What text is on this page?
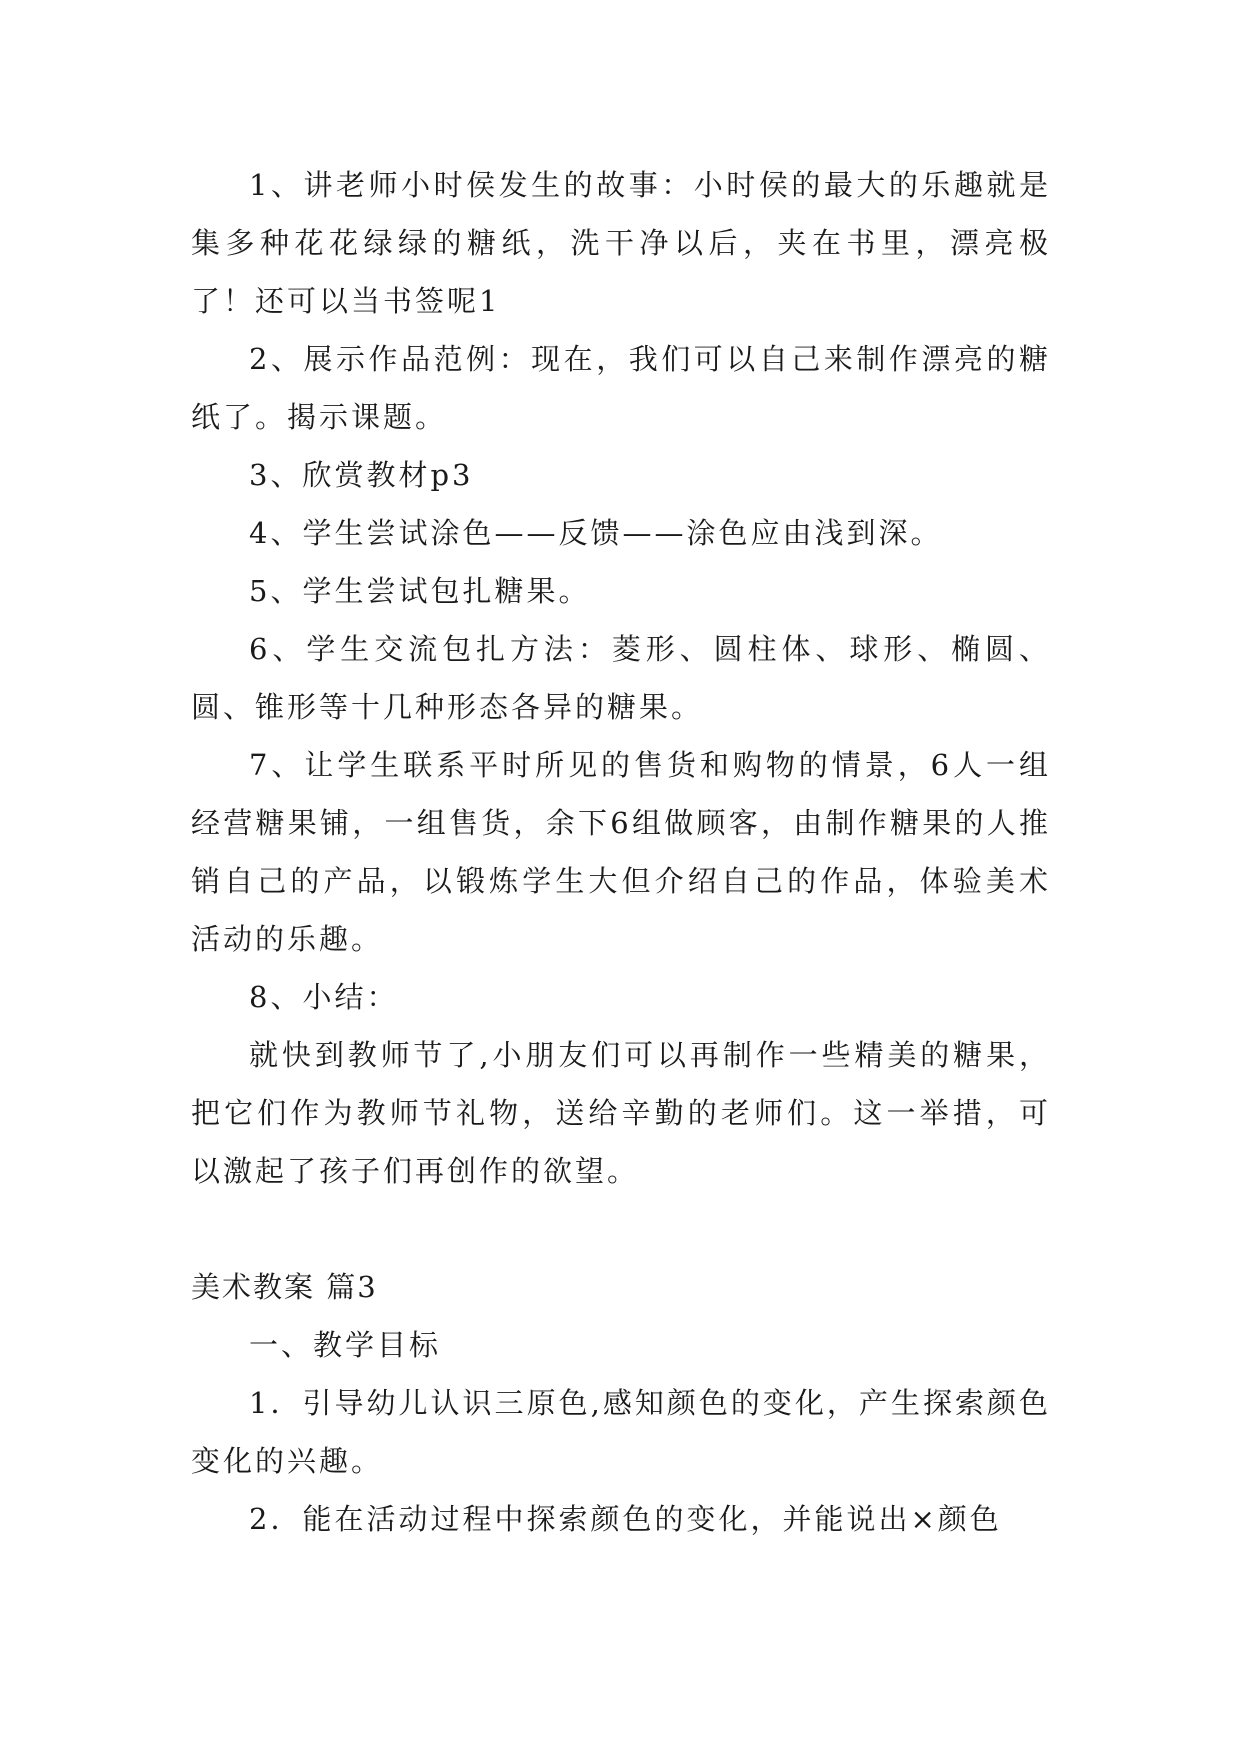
1、讲老师小时侯发生的故事：小时侯的最大的乐趣就是集多种花花绿绿的糖纸，洗干净以后，夹在书里，漂亮极了！还可以当书签呢1

2、展示作品范例：现在，我们可以自己来制作漂亮的糖纸了。揭示课题。

3、欣赏教材p3

4、学生尝试涂色——反馈——涂色应由浅到深。

5、学生尝试包扎糖果。

6、学生交流包扎方法：菱形、圆柱体、球形、椭圆、圆、锥形等十几种形态各异的糖果。

7、让学生联系平时所见的售货和购物的情景，6人一组经营糖果铺，一组售货，余下6组做顾客，由制作糖果的人推销自己的产品，以锻炼学生大但介绍自己的作品，体验美术活动的乐趣。

8、小结：

就快到教师节了,小朋友们可以再制作一些精美的糖果，把它们作为教师节礼物，送给辛勤的老师们。这一举措，可以激起了孩子们再创作的欲望。

美术教案 篇3

一、教学目标

1．引导幼儿认识三原色,感知颜色的变化，产生探索颜色变化的兴趣。

2．能在活动过程中探索颜色的变化，并能说出×颜色
